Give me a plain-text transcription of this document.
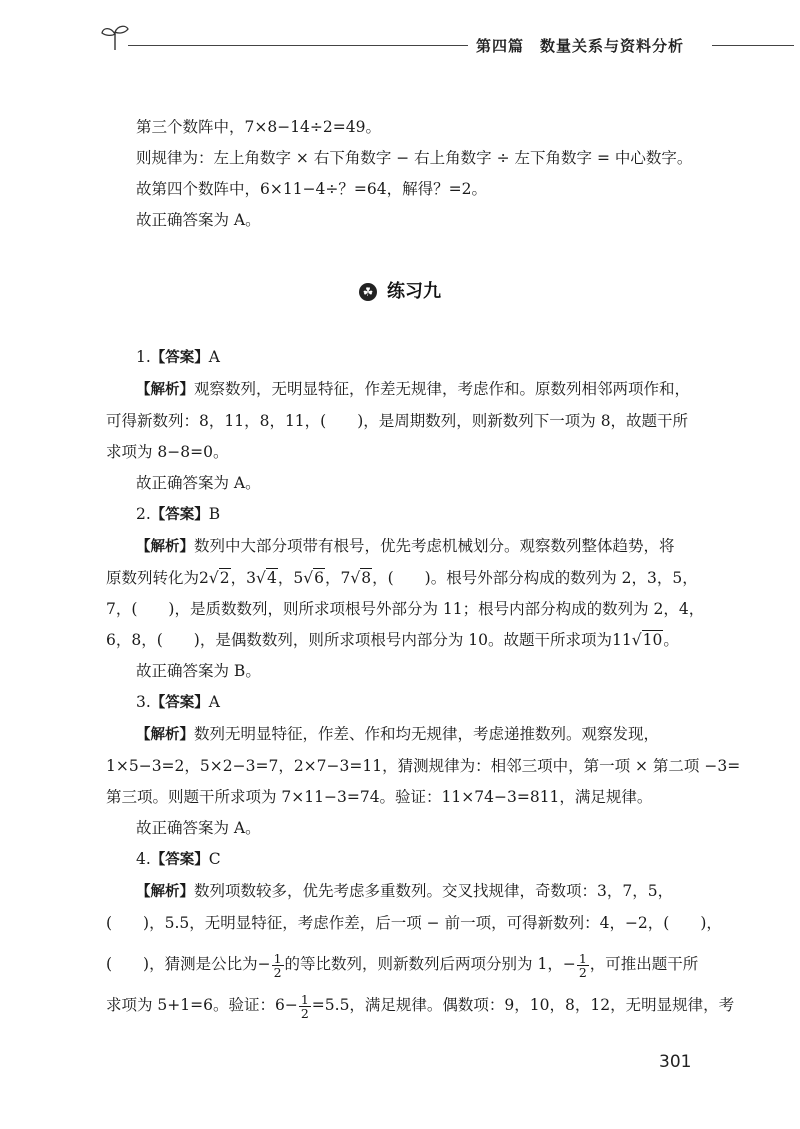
第四篇 数量关系与资料分析
第三个数阵中，7×8−14÷2=49。
则规律为：左上角数字 × 右下角数字 − 右上角数字 ÷ 左下角数字 = 中心数字。
故第四个数阵中，6×11−4÷？=64，解得？=2。
故正确答案为 A。
☘ 练习九
1.【答案】A
【解析】观察数列，无明显特征，作差无规律，考虑作和。原数列相邻两项作和，
可得新数列：8，11，8，11，(　　)，是周期数列，则新数列下一项为 8，故题干所
求项为 8−8=0。
故正确答案为 A。
2.【答案】B
【解析】数列中大部分项带有根号，优先考虑机械划分。观察数列整体趋势，将
原数列转化为2√2，3√4，5√6，7√8，(　　)。根号外部分构成的数列为 2，3，5，
7，(　　)，是质数数列，则所求项根号外部分为 11；根号内部分构成的数列为 2，4，
6，8，(　　)，是偶数数列，则所求项根号内部分为 10。故题干所求项为11√10。
故正确答案为 B。
3.【答案】A
【解析】数列无明显特征，作差、作和均无规律，考虑递推数列。观察发现，
1×5−3=2，5×2−3=7，2×7−3=11，猜测规律为：相邻三项中，第一项 × 第二项 −3=
第三项。则题干所求项为 7×11−3=74。验证：11×74−3=811，满足规律。
故正确答案为 A。
4.【答案】C
【解析】数列项数较多，优先考虑多重数列。交叉找规律，奇数项：3，7，5，
(　　)，5.5，无明显特征，考虑作差，后一项 − 前一项，可得新数列：4，−2，(　　)，
(　　)，猜测是公比为− $\frac{1}{2}$ 的等比数列，则新数列后两项分别为 1，− $\frac{1}{2}$ ，可推出题干所
求项为 5+1=6。验证：$6- \frac{1}{2} =5.5$，满足规律。偶数项：9，10，8，12，无明显规律，考
301
